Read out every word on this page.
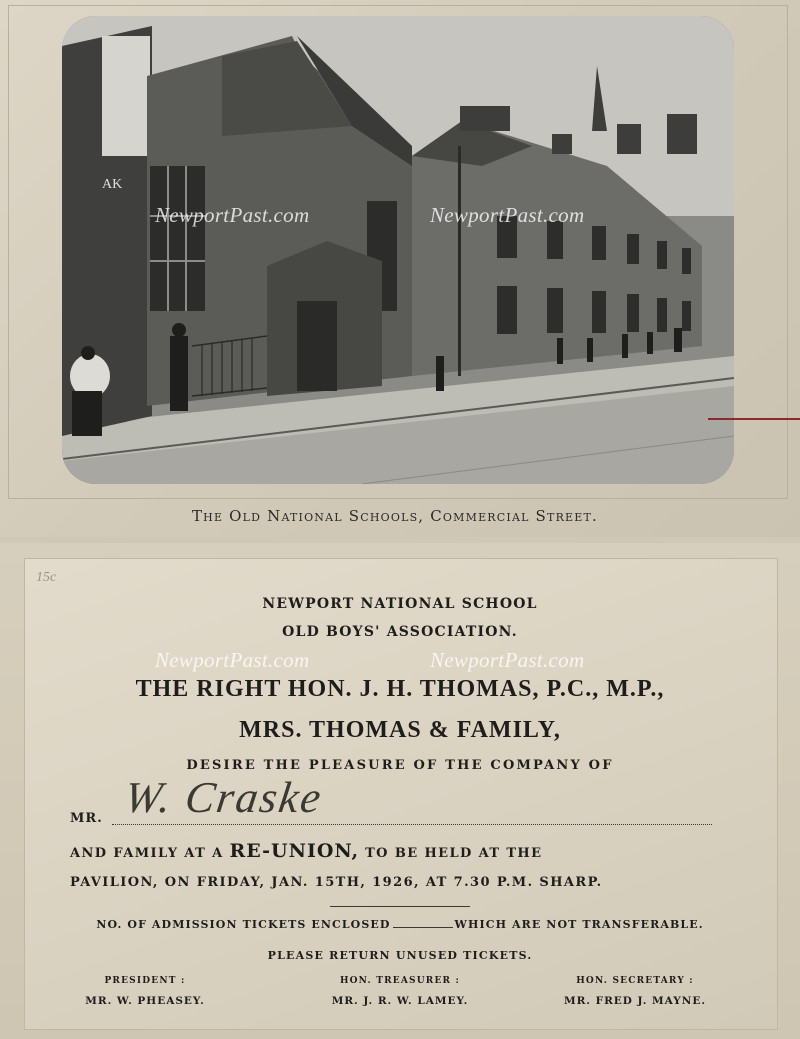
AK
The Old National Schools, Commercial Street.
NewportPast.com	NewportPast.com
15c
NEWPORT NATIONAL SCHOOL
OLD BOYS' ASSOCIATION.
NewportPast.com	NewportPast.com
THE RIGHT HON. J. H. THOMAS, P.C., M.P.,
MRS. THOMAS & FAMILY,
DESIRE THE PLEASURE OF THE COMPANY OF
MR. W. Craske
AND FAMILY AT A RE-UNION, TO BE HELD AT THE
PAVILION, ON FRIDAY, JAN. 15TH, 1926, AT 7.30 P.M. SHARP.
NO. OF ADMISSION TICKETS ENCLOSED	WHICH ARE NOT TRANSFERABLE.
PLEASE RETURN UNUSED TICKETS.
PRESIDENT :
MR. W. PHEASEY.
HON. TREASURER :
MR. J. R. W. LAMEY.
HON. SECRETARY :
MR. FRED J. MAYNE.
